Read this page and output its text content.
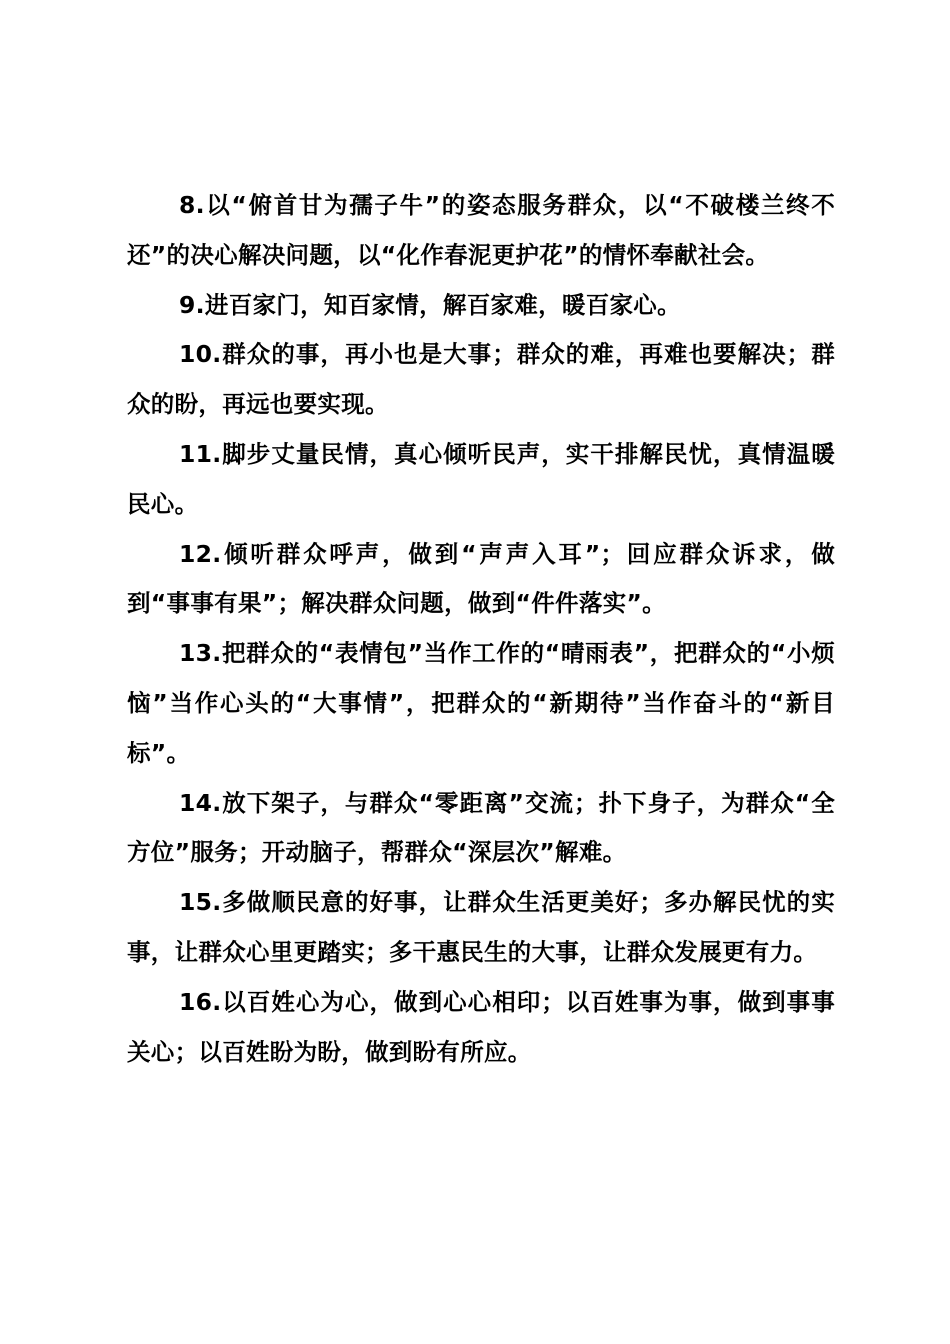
8.以“俯首甘为孺子牛”的姿态服务群众，以“不破楼兰终不还”的决心解决问题，以“化作春泥更护花”的情怀奉献社会。

9.进百家门，知百家情，解百家难，暖百家心。

10.群众的事，再小也是大事；群众的难，再难也要解决；群众的盼，再远也要实现。

11.脚步丈量民情，真心倾听民声，实干排解民忧，真情温暖民心。

12.倾听群众呼声，做到“声声入耳”；回应群众诉求，做到“事事有果”；解决群众问题，做到“件件落实”。

13.把群众的“表情包”当作工作的“晴雨表”，把群众的“小烦恼”当作心头的“大事情”，把群众的“新期待”当作奋斗的“新目标”。

14.放下架子，与群众“零距离”交流；扑下身子，为群众“全方位”服务；开动脑子，帮群众“深层次”解难。

15.多做顺民意的好事，让群众生活更美好；多办解民忧的实事，让群众心里更踏实；多干惠民生的大事，让群众发展更有力。

16.以百姓心为心，做到心心相印；以百姓事为事，做到事事关心；以百姓盼为盼，做到盼有所应。
